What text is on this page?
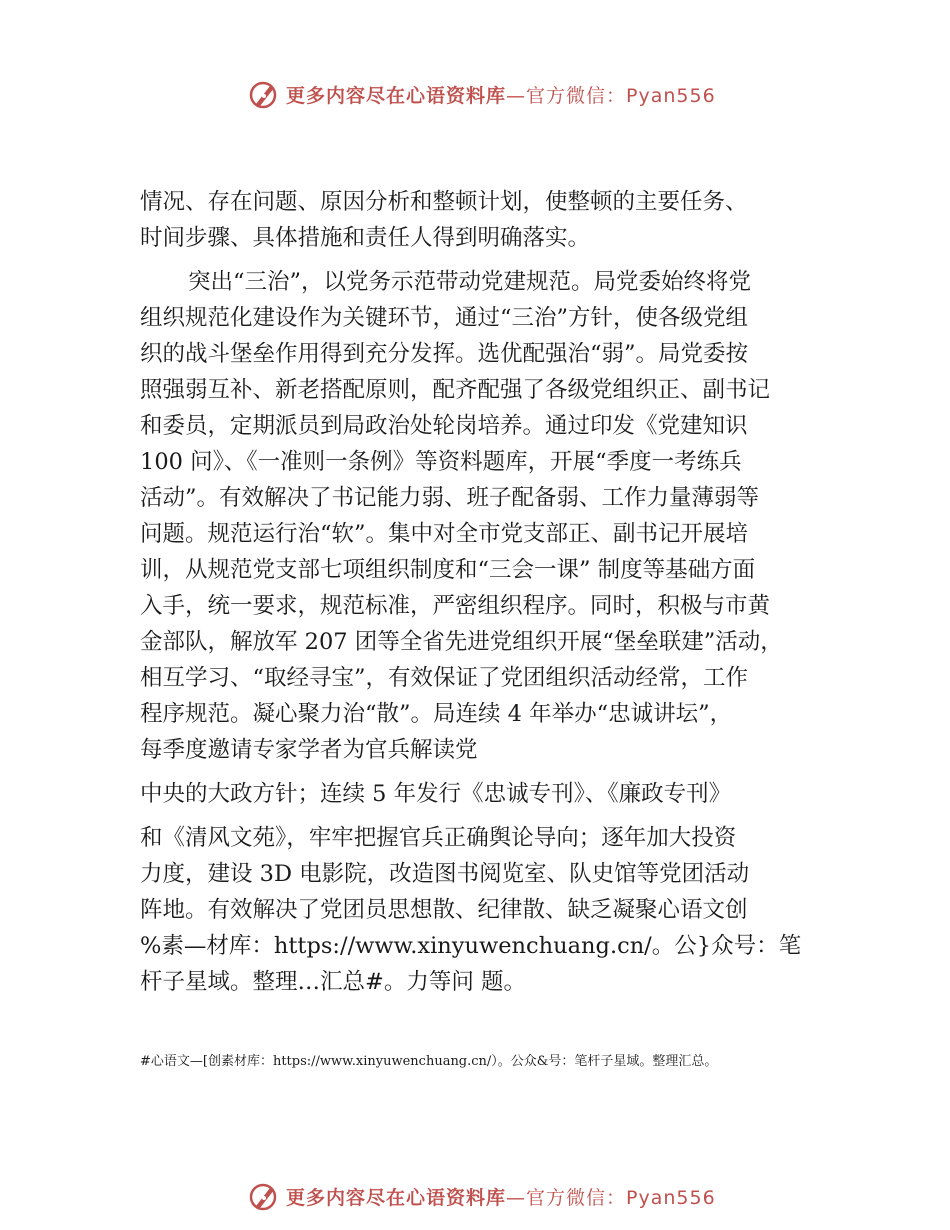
更多内容尽在心语资料库—官方微信：Pyan556
情况、存在问题、原因分析和整顿计划，使整顿的主要任务、
时间步骤、具体措施和责任人得到明确落实。
突出“三治”，以党务示范带动党建规范。局党委始终将党
组织规范化建设作为关键环节，通过“三治”方针，使各级党组
织的战斗堡垒作用得到充分发挥。选优配强治“弱”。局党委按
照强弱互补、新老搭配原则，配齐配强了各级党组织正、副书记
和委员，定期派员到局政治处轮岗培养。通过印发《党建知识
100 问》、《一准则一条例》等资料题库，开展“季度一考练兵
活动”。有效解决了书记能力弱、班子配备弱、工作力量薄弱等
问题。规范运行治“软”。集中对全市党支部正、副书记开展培
训，从规范党支部七项组织制度和“三会一课” 制度等基础方面
入手，统一要求，规范标准，严密组织程序。同时，积极与市黄
金部队，解放军 207 团等全省先进党组织开展“堡垒联建”活动，
相互学习、“取经寻宝”，有效保证了党团组织活动经常，工作
程序规范。凝心聚力治“散”。局连续 4 年举办“忠诚讲坛”，
每季度邀请专家学者为官兵解读党
中央的大政方针；连续 5 年发行《忠诚专刊》、《廉政专刊》
和《清风文苑》，牢牢把握官兵正确舆论导向；逐年加大投资
力度，建设 3D 电影院，改造图书阅览室、队史馆等党团活动
阵地。有效解决了党团员思想散、纪律散、缺乏凝聚心语文创
%素—材库：https://www.xinyuwenchuang.cn/。公}众号：笔
杆子星域。整理…汇总#。力等问 题。
#心语文—[创素材库：https://www.xinyuwenchuang.cn/）。公众&号：笔杆子星域。整理汇总。
更多内容尽在心语资料库—官方微信：Pyan556
